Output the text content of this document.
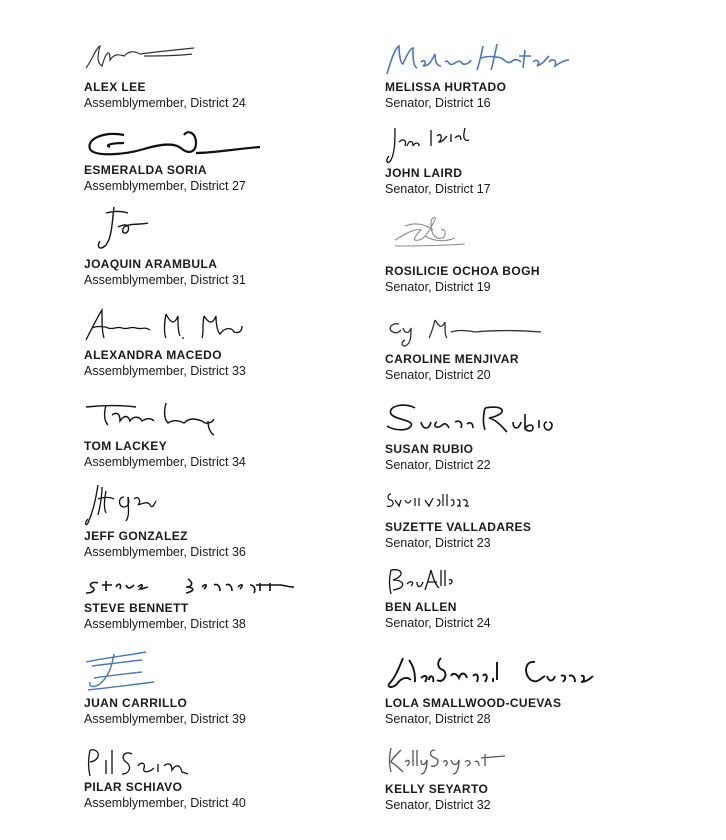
ALEX LEE
Assemblymember, District 24
ESMERALDA SORIA
Assemblymember, District 27
JOAQUIN ARAMBULA
Assemblymember, District 31
ALEXANDRA MACEDO
Assemblymember, District 33
TOM LACKEY
Assemblymember, District 34
JEFF GONZALEZ
Assemblymember, District 36
STEVE BENNETT
Assemblymember, District 38
JUAN CARRILLO
Assemblymember, District 39
PILAR SCHIAVO
Assemblymember, District 40
MELISSA HURTADO
Senator, District 16
JOHN LAIRD
Senator, District 17
ROSILICIE OCHOA BOGH
Senator, District 19
CAROLINE MENJIVAR
Senator, District 20
SUSAN RUBIO
Senator, District 22
SUZETTE VALLADARES
Senator, District 23
BEN ALLEN
Senator, District 24
LOLA SMALLWOOD-CUEVAS
Senator, District 28
KELLY SEYARTO
Senator, District 32
